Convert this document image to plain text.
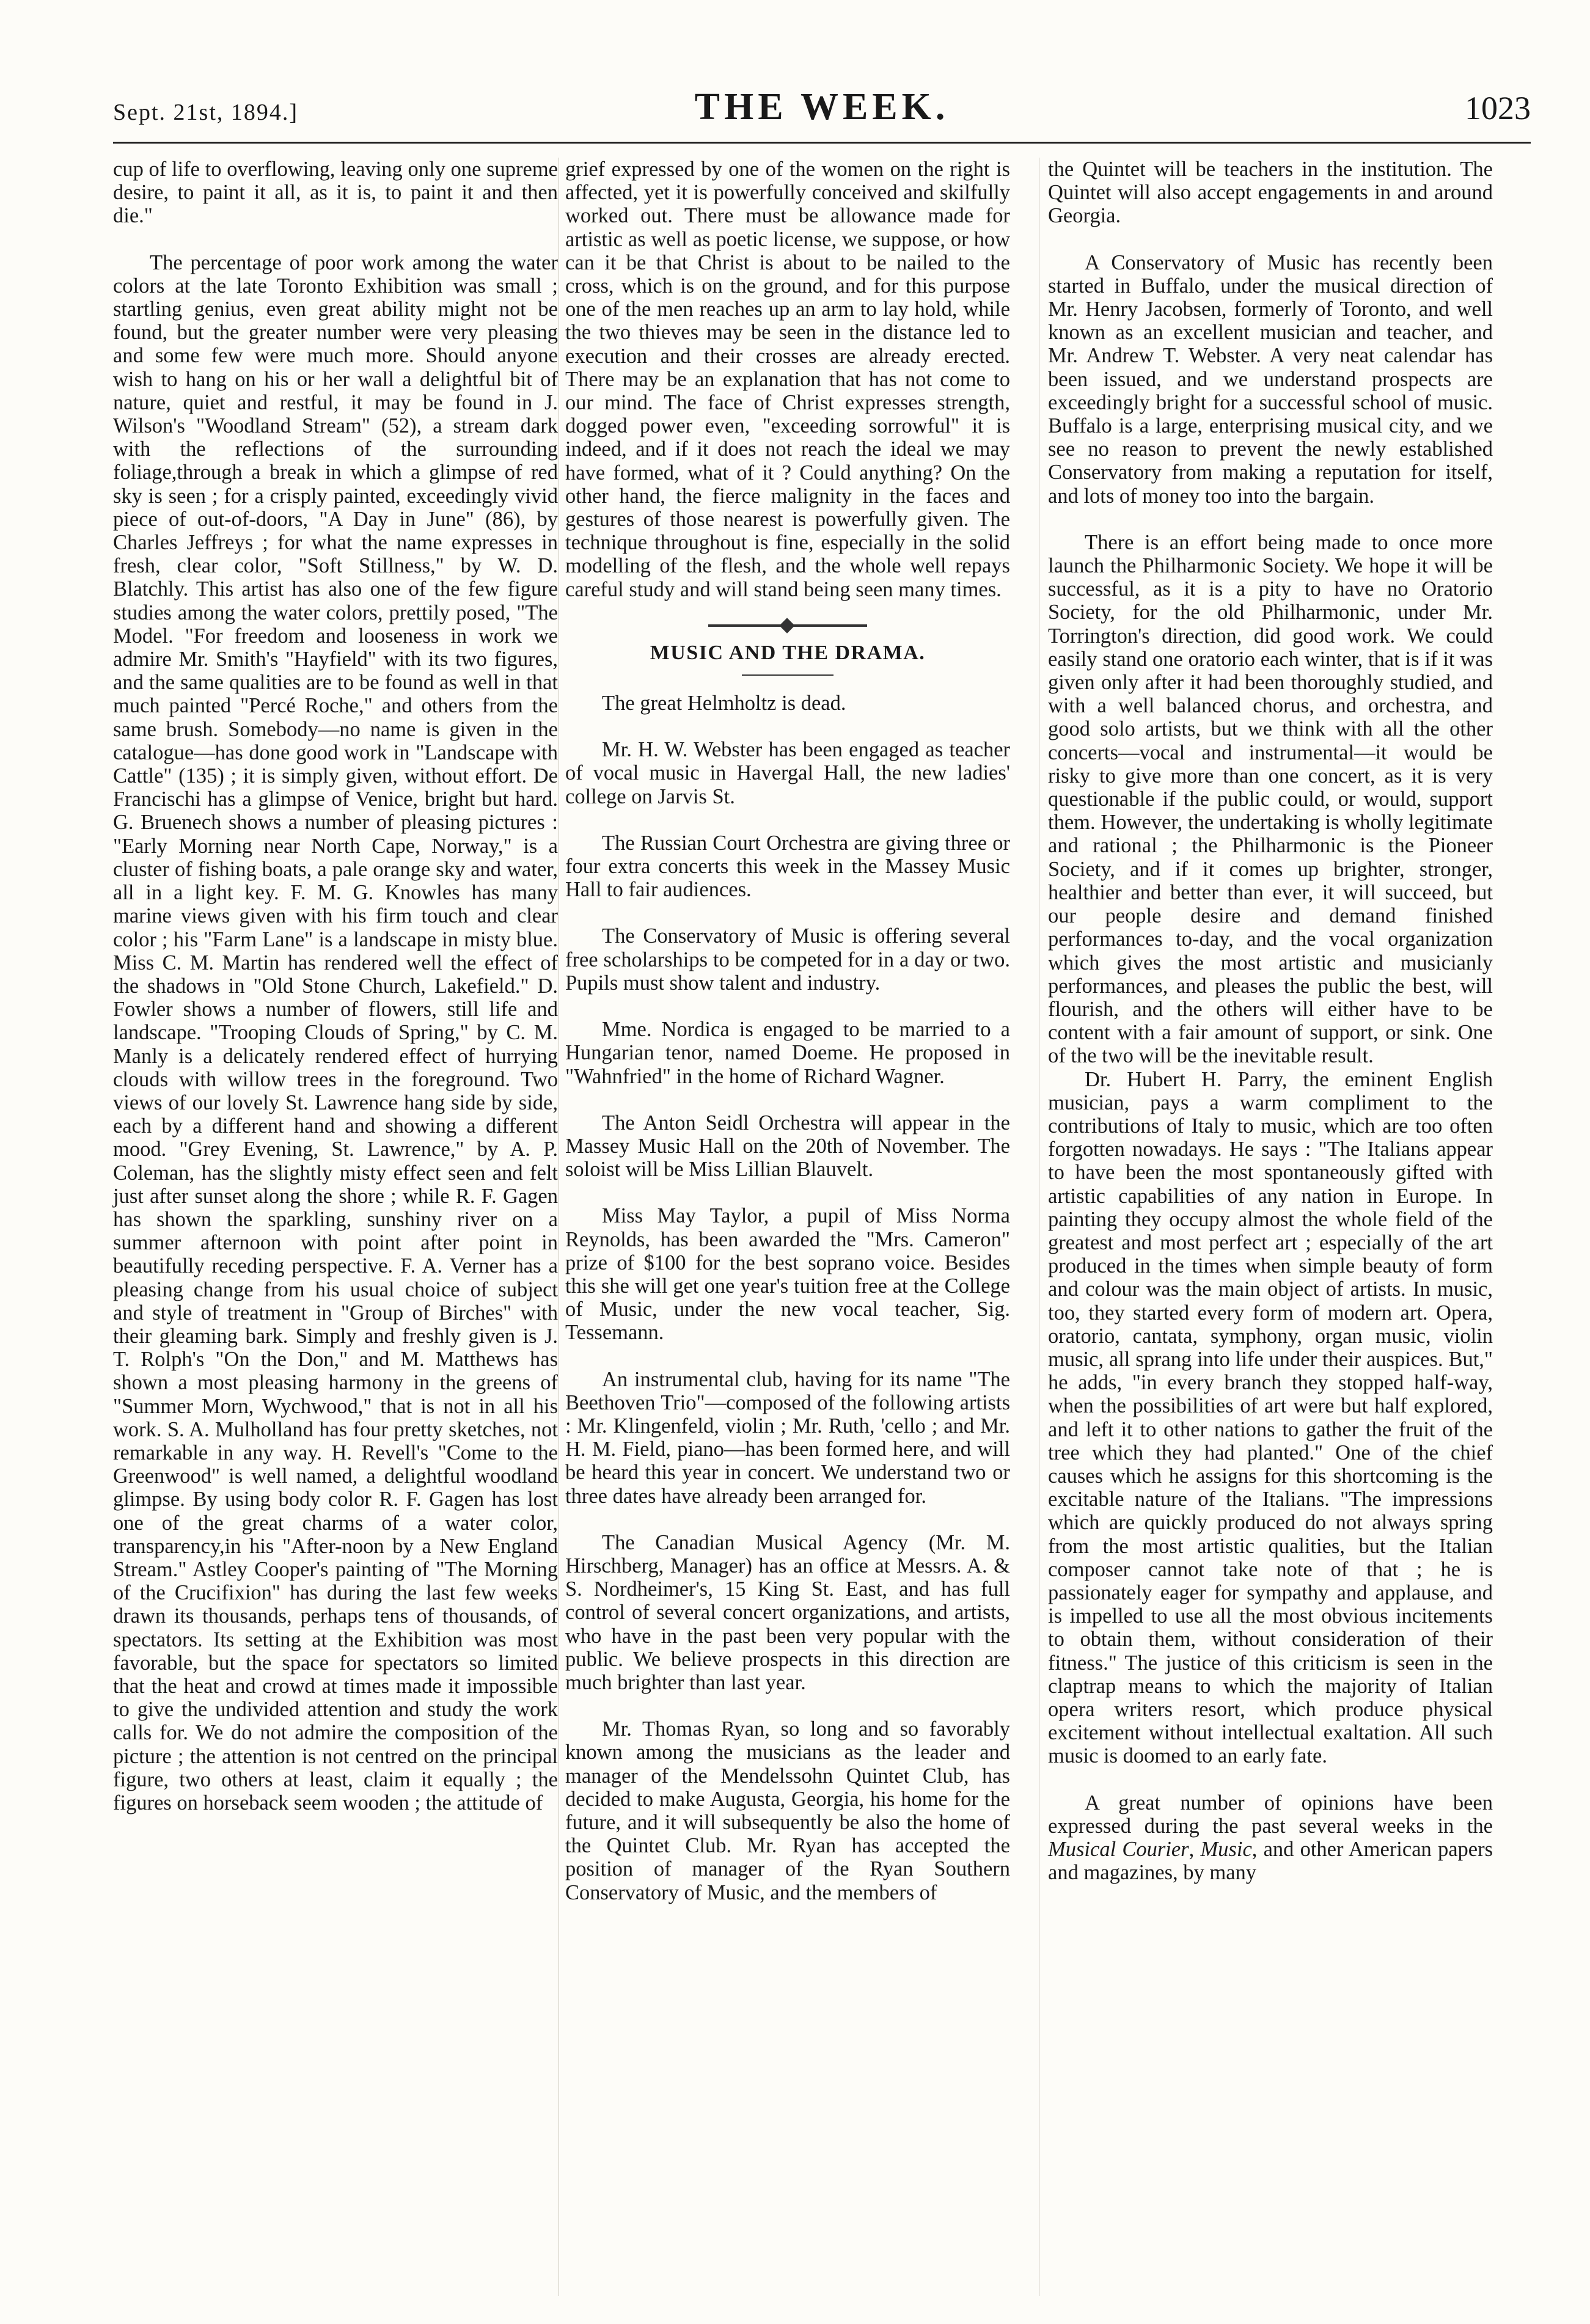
Sept. 21st, 1894.]	THE WEEK.	1023

cup of life to overflowing, leaving only one supreme desire, to paint it all, as it is, to paint it and then die."

The percentage of poor work among the water colors at the late Toronto Exhibition was small ; startling genius, even great ability might not be found, but the greater number were very pleasing and some few were much more. Should anyone wish to hang on his or her wall a delightful bit of nature, quiet and restful, it may be found in J. Wilson's "Woodland Stream" (52), a stream dark with the reflections of the surrounding foliage,through a break in which a glimpse of red sky is seen ; for a crisply painted, exceedingly vivid piece of out-of-doors, "A Day in June" (86), by Charles Jeffreys ; for what the name expresses in fresh, clear color, "Soft Stillness," by W. D. Blatchly. This artist has also one of the few figure studies among the water colors, prettily posed, "The Model. "For freedom and looseness in work we admire Mr. Smith's "Hayfield" with its two figures, and the same qualities are to be found as well in that much painted "Percé Roche," and others from the same brush. Somebody—no name is given in the catalogue—has done good work in "Landscape with Cattle" (135) ; it is simply given, without effort. De Francischi has a glimpse of Venice, bright but hard. G. Bruenech shows a number of pleasing pictures : "Early Morning near North Cape, Norway," is a cluster of fishing boats, a pale orange sky and water, all in a light key. F. M. G. Knowles has many marine views given with his firm touch and clear color ; his "Farm Lane" is a landscape in misty blue. Miss C. M. Martin has rendered well the effect of the shadows in "Old Stone Church, Lakefield." D. Fowler shows a number of flowers, still life and landscape. "Trooping Clouds of Spring," by C. M. Manly is a delicately rendered effect of hurrying clouds with willow trees in the foreground. Two views of our lovely St. Lawrence hang side by side, each by a different hand and showing a different mood. "Grey Evening, St. Lawrence," by A. P. Coleman, has the slightly misty effect seen and felt just after sunset along the shore ; while R. F. Gagen has shown the sparkling, sunshiny river on a summer afternoon with point after point in beautifully receding perspective. F. A. Verner has a pleasing change from his usual choice of subject and style of treatment in "Group of Birches" with their gleaming bark. Simply and freshly given is J. T. Rolph's "On the Don," and M. Matthews has shown a most pleasing harmony in the greens of "Summer Morn, Wychwood," that is not in all his work. S. A. Mulholland has four pretty sketches, not remarkable in any way. H. Revell's "Come to the Greenwood" is well named, a delightful woodland glimpse. By using body color R. F. Gagen has lost one of the great charms of a water color, transparency,in his "After-noon by a New England Stream." Astley Cooper's painting of "The Morning of the Crucifixion" has during the last few weeks drawn its thousands, perhaps tens of thousands, of spectators. Its setting at the Exhibition was most favorable, but the space for spectators so limited that the heat and crowd at times made it impossible to give the undivided attention and study the work calls for. We do not admire the composition of the picture ; the attention is not centred on the principal figure, two others at least, claim it equally ; the figures on horseback seem wooden ; the attitude of

grief expressed by one of the women on the right is affected, yet it is powerfully conceived and skilfully worked out. There must be allowance made for artistic as well as poetic license, we suppose, or how can it be that Christ is about to be nailed to the cross, which is on the ground, and for this purpose one of the men reaches up an arm to lay hold, while the two thieves may be seen in the distance led to execution and their crosses are already erected. There may be an explanation that has not come to our mind. The face of Christ expresses strength, dogged power even, "exceeding sorrowful" it is indeed, and if it does not reach the ideal we may have formed, what of it ? Could anything? On the other hand, the fierce malignity in the faces and gestures of those nearest is powerfully given. The technique throughout is fine, especially in the solid modelling of the flesh, and the whole well repays careful study and will stand being seen many times.

MUSIC AND THE DRAMA.

The great Helmholtz is dead.

Mr. H. W. Webster has been engaged as teacher of vocal music in Havergal Hall, the new ladies' college on Jarvis St.

The Russian Court Orchestra are giving three or four extra concerts this week in the Massey Music Hall to fair audiences.

The Conservatory of Music is offering several free scholarships to be competed for in a day or two. Pupils must show talent and industry.

Mme. Nordica is engaged to be married to a Hungarian tenor, named Doeme. He proposed in "Wahnfried" in the home of Richard Wagner.

The Anton Seidl Orchestra will appear in the Massey Music Hall on the 20th of November. The soloist will be Miss Lillian Blauvelt.

Miss May Taylor, a pupil of Miss Norma Reynolds, has been awarded the "Mrs. Cameron" prize of $100 for the best soprano voice. Besides this she will get one year's tuition free at the College of Music, under the new vocal teacher, Sig. Tessemann.

An instrumental club, having for its name "The Beethoven Trio"—composed of the following artists : Mr. Klingenfeld, violin ; Mr. Ruth, 'cello ; and Mr. H. M. Field, piano—has been formed here, and will be heard this year in concert. We understand two or three dates have already been arranged for.

The Canadian Musical Agency (Mr. M. Hirschberg, Manager) has an office at Messrs. A. & S. Nordheimer's, 15 King St. East, and has full control of several concert organizations, and artists, who have in the past been very popular with the public. We believe prospects in this direction are much brighter than last year.

Mr. Thomas Ryan, so long and so favorably known among the musicians as the leader and manager of the Mendelssohn Quintet Club, has decided to make Augusta, Georgia, his home for the future, and it will subsequently be also the home of the Quintet Club. Mr. Ryan has accepted the position of manager of the Ryan Southern Conservatory of Music, and the members of

the Quintet will be teachers in the institution. The Quintet will also accept engagements in and around Georgia.

A Conservatory of Music has recently been started in Buffalo, under the musical direction of Mr. Henry Jacobsen, formerly of Toronto, and well known as an excellent musician and teacher, and Mr. Andrew T. Webster. A very neat calendar has been issued, and we understand prospects are exceedingly bright for a successful school of music. Buffalo is a large, enterprising musical city, and we see no reason to prevent the newly established Conservatory from making a reputation for itself, and lots of money too into the bargain.

There is an effort being made to once more launch the Philharmonic Society. We hope it will be successful, as it is a pity to have no Oratorio Society, for the old Philharmonic, under Mr. Torrington's direction, did good work. We could easily stand one oratorio each winter, that is if it was given only after it had been thoroughly studied, and with a well balanced chorus, and orchestra, and good solo artists, but we think with all the other concerts—vocal and instrumental—it would be risky to give more than one concert, as it is very questionable if the public could, or would, support them. However, the undertaking is wholly legitimate and rational ; the Philharmonic is the Pioneer Society, and if it comes up brighter, stronger, healthier and better than ever, it will succeed, but our people desire and demand finished performances to-day, and the vocal organization which gives the most artistic and musicianly performances, and pleases the public the best, will flourish, and the others will either have to be content with a fair amount of support, or sink. One of the two will be the inevitable result.

Dr. Hubert H. Parry, the eminent English musician, pays a warm compliment to the contributions of Italy to music, which are too often forgotten nowadays. He says : "The Italians appear to have been the most spontaneously gifted with artistic capabilities of any nation in Europe. In painting they occupy almost the whole field of the greatest and most perfect art ; especially of the art produced in the times when simple beauty of form and colour was the main object of artists. In music, too, they started every form of modern art. Opera, oratorio, cantata, symphony, organ music, violin music, all sprang into life under their auspices. But," he adds, "in every branch they stopped half-way, when the possibilities of art were but half explored, and left it to other nations to gather the fruit of the tree which they had planted." One of the chief causes which he assigns for this shortcoming is the excitable nature of the Italians. "The impressions which are quickly produced do not always spring from the most artistic qualities, but the Italian composer cannot take note of that ; he is passionately eager for sympathy and applause, and is impelled to use all the most obvious incitements to obtain them, without consideration of their fitness." The justice of this criticism is seen in the claptrap means to which the majority of Italian opera writers resort, which produce physical excitement without intellectual exaltation. All such music is doomed to an early fate.

A great number of opinions have been expressed during the past several weeks in the Musical Courier, Music, and other American papers and magazines, by many
